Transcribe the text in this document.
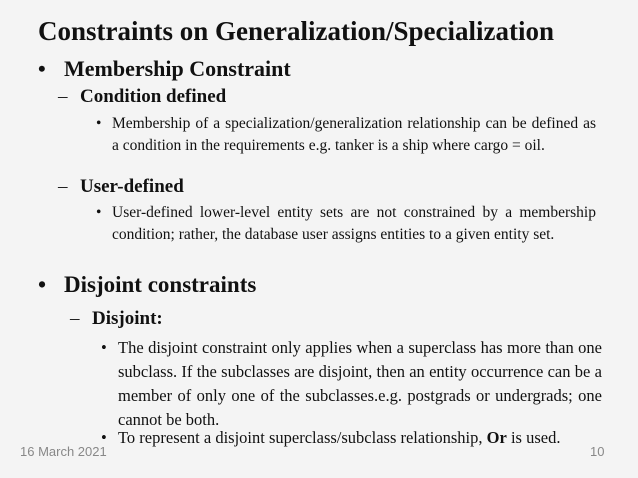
Constraints on Generalization/Specialization
• Membership Constraint
– Condition defined
• Membership of a specialization/generalization relationship can be defined as a condition in the requirements e.g. tanker is a ship where cargo = oil.
– User-defined
• User-defined lower-level entity sets are not constrained by a membership condition; rather, the database user assigns entities to a given entity set.
• Disjoint constraints
– Disjoint:
• The disjoint constraint only applies when a superclass has more than one subclass. If the subclasses are disjoint, then an entity occurrence can be a member of only one of the subclasses.e.g. postgrads or undergrads; one cannot be both.
• To represent a disjoint superclass/subclass relationship, Or is used.
16 March 2021	10
